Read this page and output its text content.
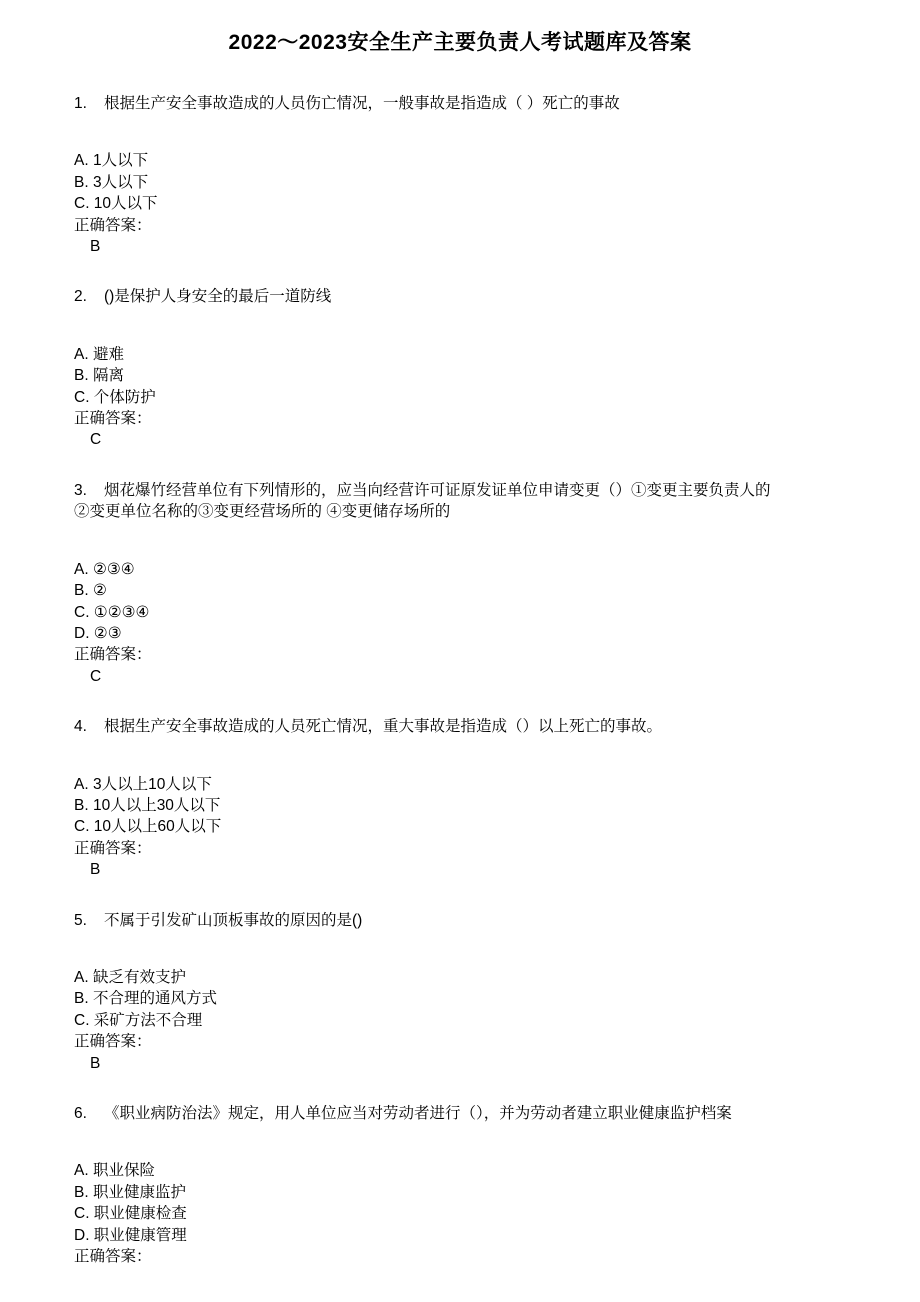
2022～2023安全生产主要负责人考试题库及答案
1. 根据生产安全事故造成的人员伤亡情况，一般事故是指造成（ ）死亡的事故
A. 1人以下
B. 3人以下
C. 10人以下
正确答案：
B
2. ()是保护人身安全的最后一道防线
A. 避难
B. 隔离
C. 个体防护
正确答案：
C
3. 烟花爆竹经营单位有下列情形的，应当向经营许可证原发证单位申请变更（）①变更主要负责人的
②变更单位名称的③变更经营场所的 ④变更储存场所的
A. ②③④
B. ②
C. ①②③④
D. ②③
正确答案：
C
4. 根据生产安全事故造成的人员死亡情况，重大事故是指造成（）以上死亡的事故。
A. 3人以上10人以下
B. 10人以上30人以下
C. 10人以上60人以下
正确答案：
B
5. 不属于引发矿山顶板事故的原因的是()
A. 缺乏有效支护
B. 不合理的通风方式
C. 采矿方法不合理
正确答案：
B
6. 《职业病防治法》规定，用人单位应当对劳动者进行（），并为劳动者建立职业健康监护档案
A. 职业保险
B. 职业健康监护
C. 职业健康检查
D. 职业健康管理
正确答案：
